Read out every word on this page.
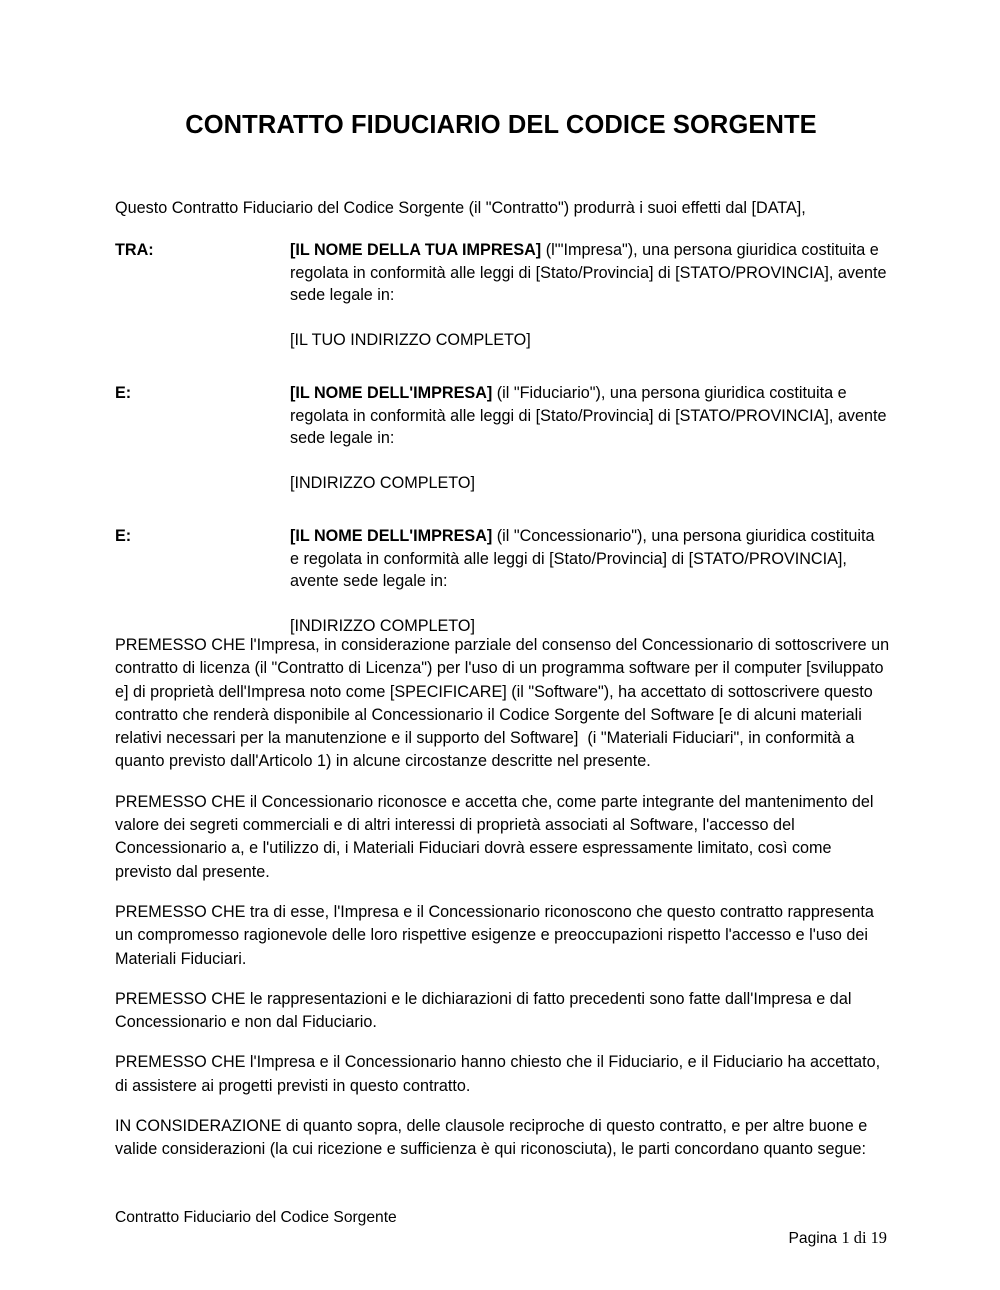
CONTRATTO FIDUCIARIO DEL CODICE SORGENTE

Questo Contratto Fiduciario del Codice Sorgente (il "Contratto") produrrà i suoi effetti dal [DATA],

TRA:	[IL NOME DELLA TUA IMPRESA] (l'"Impresa"), una persona giuridica costituita e regolata in conformità alle leggi di [Stato/Provincia] di [STATO/PROVINCIA], avente sede legale in:
[IL TUO INDIRIZZO COMPLETO]
E:	[IL NOME DELL'IMPRESA] (il "Fiduciario"), una persona giuridica costituita e regolata in conformità alle leggi di [Stato/Provincia] di [STATO/PROVINCIA], avente sede legale in:
[INDIRIZZO COMPLETO]
E:	[IL NOME DELL'IMPRESA] (il "Concessionario"), una persona giuridica costituita e regolata in conformità alle leggi di [Stato/Provincia] di [STATO/PROVINCIA], avente sede legale in:
[INDIRIZZO COMPLETO]

PREMESSO CHE l'Impresa, in considerazione parziale del consenso del Concessionario di sottoscrivere un contratto di licenza (il "Contratto di Licenza") per l'uso di un programma software per il computer [sviluppato e] di proprietà dell'Impresa noto come [SPECIFICARE] (il "Software"), ha accettato di sottoscrivere questo contratto che renderà disponibile al Concessionario il Codice Sorgente del Software [e di alcuni materiali relativi necessari per la manutenzione e il supporto del Software]  (i "Materiali Fiduciari", in conformità a quanto previsto dall'Articolo 1) in alcune circostanze descritte nel presente.

PREMESSO CHE il Concessionario riconosce e accetta che, come parte integrante del mantenimento del valore dei segreti commerciali e di altri interessi di proprietà associati al Software, l'accesso del Concessionario a, e l'utilizzo di, i Materiali Fiduciari dovrà essere espressamente limitato, così come previsto dal presente.

PREMESSO CHE tra di esse, l'Impresa e il Concessionario riconoscono che questo contratto rappresenta un compromesso ragionevole delle loro rispettive esigenze e preoccupazioni rispetto l'accesso e l'uso dei Materiali Fiduciari.

PREMESSO CHE le rappresentazioni e le dichiarazioni di fatto precedenti sono fatte dall'Impresa e dal Concessionario e non dal Fiduciario.

PREMESSO CHE l'Impresa e il Concessionario hanno chiesto che il Fiduciario, e il Fiduciario ha accettato, di assistere ai progetti previsti in questo contratto.

IN CONSIDERAZIONE di quanto sopra, delle clausole reciproche di questo contratto, e per altre buone e valide considerazioni (la cui ricezione e sufficienza è qui riconosciuta), le parti concordano quanto segue:

Contratto Fiduciario del Codice Sorgente

Pagina 1 di 19
